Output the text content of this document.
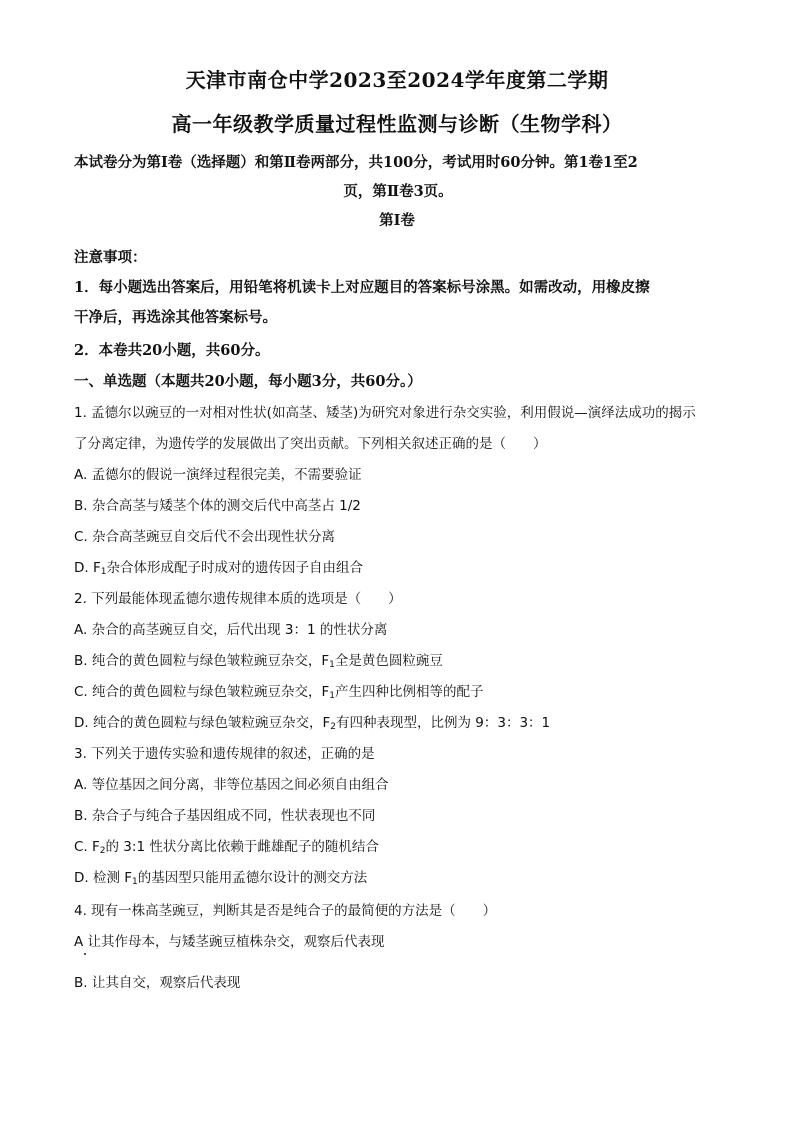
天津市南仓中学2023至2024学年度第二学期
高一年级教学质量过程性监测与诊断（生物学科）
本试卷分为第Ⅰ卷（选择题）和第Ⅱ卷两部分，共100分，考试用时60分钟。第1卷1至2
页，第Ⅱ卷3页。
第Ⅰ卷
注意事项：
1．每小题选出答案后，用铅笔将机读卡上对应题目的答案标号涂黑。如需改动，用橡皮擦
干净后，再选涂其他答案标号。
2．本卷共20小题，共60分。
一、单选题（本题共20小题，每小题3分，共60分。）
1. 孟德尔以豌豆的一对相对性状(如高茎、矮茎)为研究对象进行杂交实验，利用假说—演绎法成功的揭示
了分离定律，为遗传学的发展做出了突出贡献。下列相关叙述正确的是（　　）
A. 孟德尔的假说一演绎过程很完美，不需要验证
B. 杂合高茎与矮茎个体的测交后代中高茎占 1/2
C. 杂合高茎豌豆自交后代不会出现性状分离
D. $F_1$杂合体形成配子时成对的遗传因子自由组合
2. 下列最能体现孟德尔遗传规律本质的选项是（　　）
A. 杂合的高茎豌豆自交，后代出现 3：1 的性状分离
B. 纯合的黄色圆粒与绿色皱粒豌豆杂交，$F_1$全是黄色圆粒豌豆
C. 纯合的黄色圆粒与绿色皱粒豌豆杂交，$F_1$产生四种比例相等的配子
D. 纯合的黄色圆粒与绿色皱粒豌豆杂交，$F_2$有四种表现型，比例为 9：3：3：1
3. 下列关于遗传实验和遗传规律的叙述，正确的是
A. 等位基因之间分离，非等位基因之间必须自由组合
B. 杂合子与纯合子基因组成不同，性状表现也不同
C. $F_2$的 3:1 性状分离比依赖于雌雄配子的随机结合
D. 检测 $F_1$的基因型只能用孟德尔设计的测交方法
4. 现有一株高茎豌豆，判断其是否是纯合子的最简便的方法是（　　）
A 让其作母本，与矮茎豌豆植株杂交，观察后代表现
B. 让其自交，观察后代表现
